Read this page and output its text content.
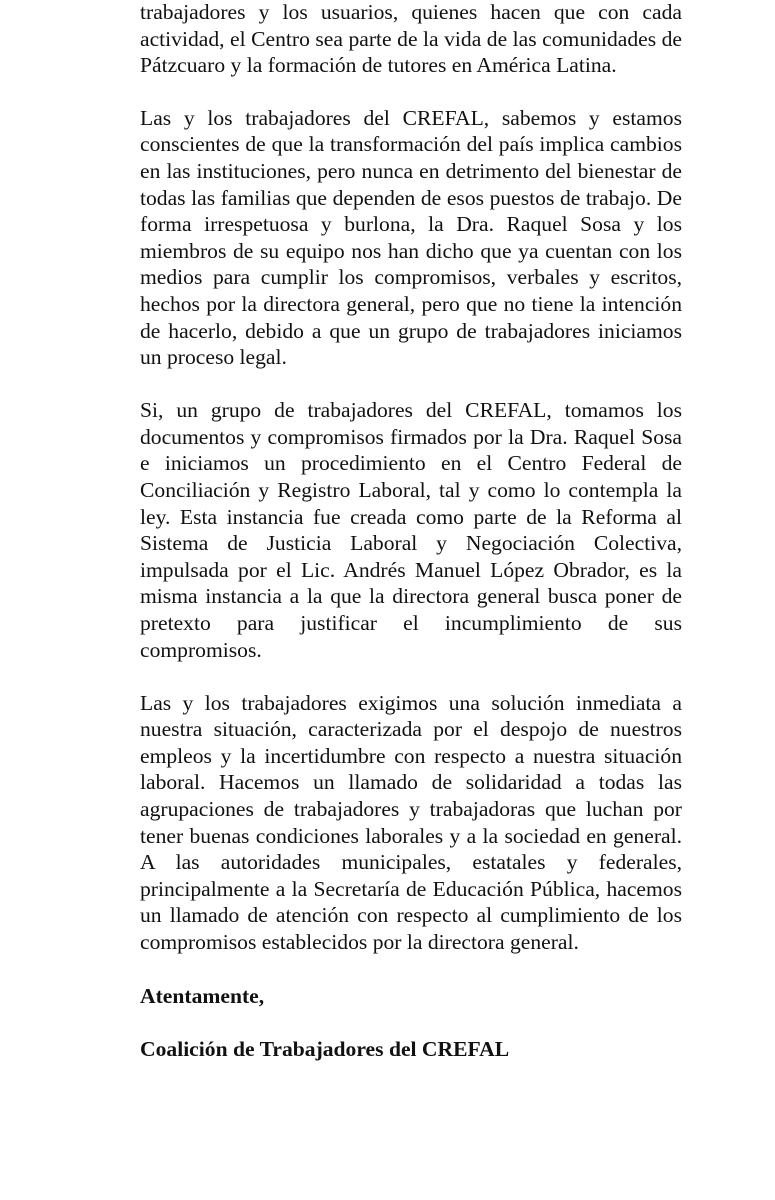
trabajadores y los usuarios, quienes hacen que con cada actividad, el Centro sea parte de la vida de las comunidades de Pátzcuaro y la formación de tutores en América Latina.

Las y los trabajadores del CREFAL, sabemos y estamos conscientes de que la transformación del país implica cambios en las instituciones, pero nunca en detrimento del bienestar de todas las familias que dependen de esos puestos de trabajo. De forma irrespetuosa y burlona, la Dra. Raquel Sosa y los miembros de su equipo nos han dicho que ya cuentan con los medios para cumplir los compromisos, verbales y escritos, hechos por la directora general, pero que no tiene la intención de hacerlo, debido a que un grupo de trabajadores iniciamos un proceso legal.

Si, un grupo de trabajadores del CREFAL, tomamos los documentos y compromisos firmados por la Dra. Raquel Sosa e iniciamos un procedimiento en el Centro Federal de Conciliación y Registro Laboral, tal y como lo contempla la ley. Esta instancia fue creada como parte de la Reforma al Sistema de Justicia Laboral y Negociación Colectiva, impulsada por el Lic. Andrés Manuel López Obrador, es la misma instancia a la que la directora general busca poner de pretexto para justificar el incumplimiento de sus compromisos.

Las y los trabajadores exigimos una solución inmediata a nuestra situación, caracterizada por el despojo de nuestros empleos y la incertidumbre con respecto a nuestra situación laboral. Hacemos un llamado de solidaridad a todas las agrupaciones de trabajadores y trabajadoras que luchan por tener buenas condiciones laborales y a la sociedad en general. A las autoridades municipales, estatales y federales, principalmente a la Secretaría de Educación Pública, hacemos un llamado de atención con respecto al cumplimiento de los compromisos establecidos por la directora general.

Atentamente,

Coalición de Trabajadores del CREFAL
